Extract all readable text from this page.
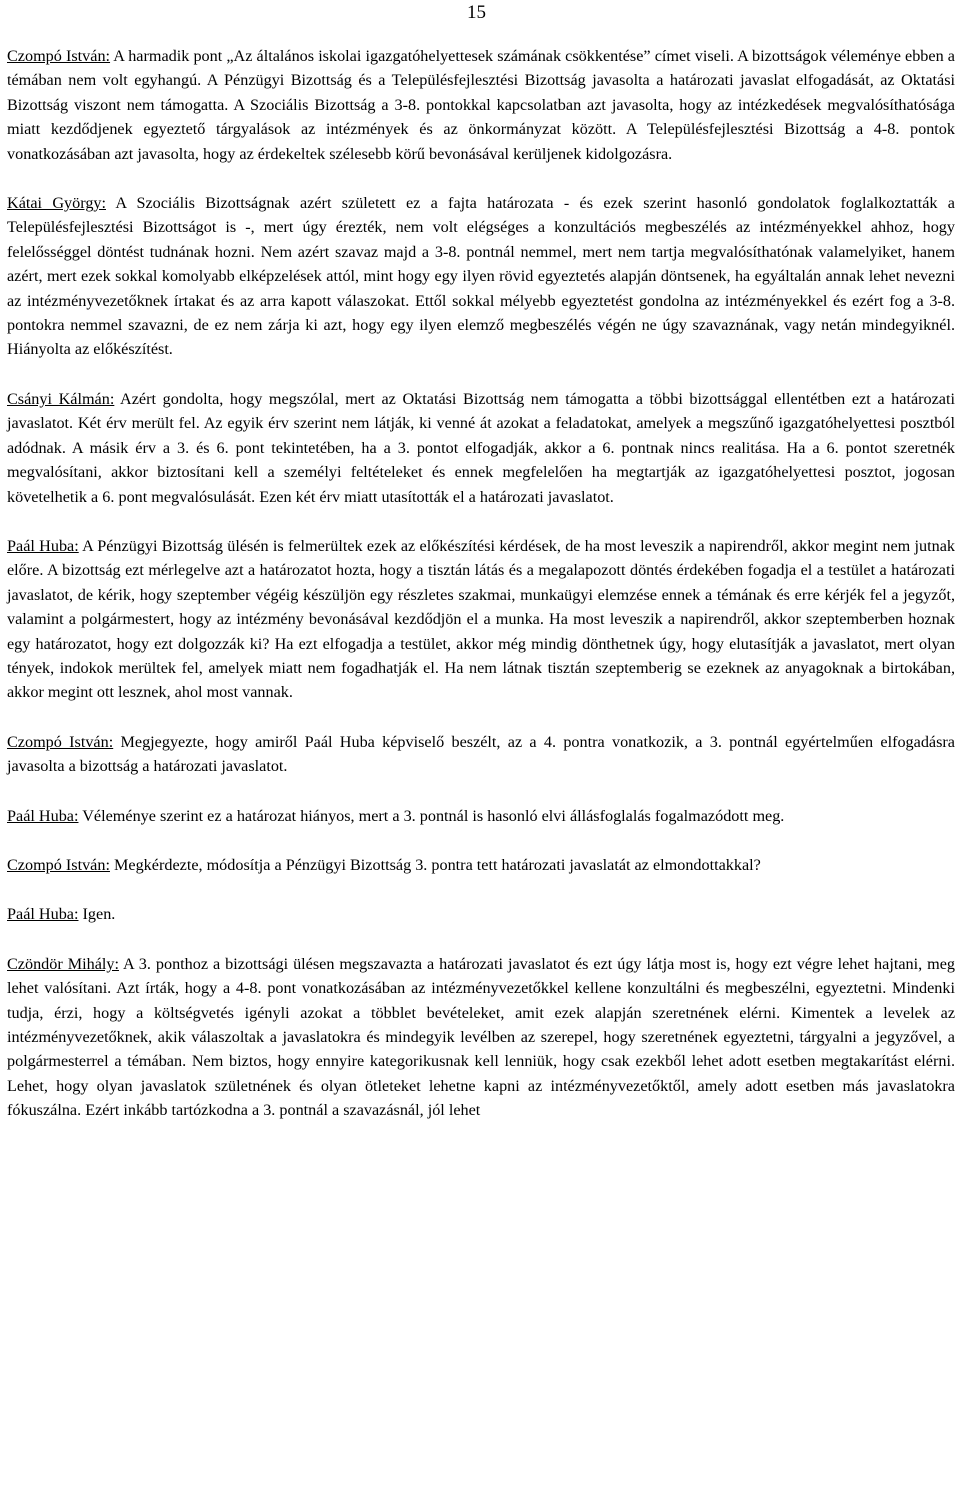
15

Czompó István: A harmadik pont „Az általános iskolai igazgatóhelyettesek számának csökkentése” címet viseli. A bizottságok véleménye ebben a témában nem volt egyhangú. A Pénzügyi Bizottság és a Településfejlesztési Bizottság javasolta a határozati javaslat elfogadását, az Oktatási Bizottság viszont nem támogatta. A Szociális Bizottság a 3-8. pontokkal kapcsolatban azt javasolta, hogy az intézkedések megvalósíthatósága miatt kezdődjenek egyeztető tárgyalások az intézmények és az önkormányzat között. A Településfejlesztési Bizottság a 4-8. pontok vonatkozásában azt javasolta, hogy az érdekeltek szélesebb körű bevonásával kerüljenek kidolgozásra.

Kátai György: A Szociális Bizottságnak azért született ez a fajta határozata - és ezek szerint hasonló gondolatok foglalkoztatták a Településfejlesztési Bizottságot is -, mert úgy érezték, nem volt elégséges a konzultációs megbeszélés az intézményekkel ahhoz, hogy felelősséggel döntést tudnának hozni. Nem azért szavaz majd a 3-8. pontnál nemmel, mert nem tartja megvalósíthatónak valamelyiket, hanem azért, mert ezek sokkal komolyabb elképzelések attól, mint hogy egy ilyen rövid egyeztetés alapján döntsenek, ha egyáltalán annak lehet nevezni az intézményvezetőknek írtakat és az arra kapott válaszokat. Ettől sokkal mélyebb egyeztetést gondolna az intézményekkel és ezért fog a 3-8. pontokra nemmel szavazni, de ez nem zárja ki azt, hogy egy ilyen elemző megbeszélés végén ne úgy szavaznának, vagy netán mindegyiknél. Hiányolta az előkészítést.

Csányi Kálmán: Azért gondolta, hogy megszólal, mert az Oktatási Bizottság nem támogatta a többi bizottsággal ellentétben ezt a határozati javaslatot. Két érv merült fel. Az egyik érv szerint nem látják, ki venné át azokat a feladatokat, amelyek a megszűnő igazgatóhelyettesi posztból adódnak. A másik érv a 3. és 6. pont tekintetében, ha a 3. pontot elfogadják, akkor a 6. pontnak nincs realitása. Ha a 6. pontot szeretnék megvalósítani, akkor biztosítani kell a személyi feltételeket és ennek megfelelően ha megtartják az igazgatóhelyettesi posztot, jogosan követelhetik a 6. pont megvalósulását. Ezen két érv miatt utasították el a határozati javaslatot.

Paál Huba: A Pénzügyi Bizottság ülésén is felmerültek ezek az előkészítési kérdések, de ha most leveszik a napirendről, akkor megint nem jutnak előre. A bizottság ezt mérlegelve azt a határozatot hozta, hogy a tisztán látás és a megalapozott döntés érdekében fogadja el a testület a határozati javaslatot, de kérik, hogy szeptember végéig készüljön egy részletes szakmai, munkaügyi elemzése ennek a témának és erre kérjék fel a jegyzőt, valamint a polgármestert, hogy az intézmény bevonásával kezdődjön el a munka. Ha most leveszik a napirendről, akkor szeptemberben hoznak egy határozatot, hogy ezt dolgozzák ki? Ha ezt elfogadja a testület, akkor még mindig dönthetnek úgy, hogy elutasítják a javaslatot, mert olyan tények, indokok merültek fel, amelyek miatt nem fogadhatják el. Ha nem látnak tisztán szeptemberig se ezeknek az anyagoknak a birtokában, akkor megint ott lesznek, ahol most vannak.

Czompó István: Megjegyezte, hogy amiről Paál Huba képviselő beszélt, az a 4. pontra vonatkozik, a 3. pontnál egyértelműen elfogadásra javasolta a bizottság a határozati javaslatot.

Paál Huba: Véleménye szerint ez a határozat hiányos, mert a 3. pontnál is hasonló elvi állásfoglalás fogalmazódott meg.

Czompó István: Megkérdezte, módosítja a Pénzügyi Bizottság 3. pontra tett határozati javaslatát az elmondottakkal?

Paál Huba: Igen.

Czöndör Mihály: A 3. ponthoz a bizottsági ülésen megszavazta a határozati javaslatot és ezt úgy látja most is, hogy ezt végre lehet hajtani, meg lehet valósítani. Azt írták, hogy a 4-8. pont vonatkozásában az intézményvezetőkkel kellene konzultálni és megbeszélni, egyeztetni. Mindenki tudja, érzi, hogy a költségvetés igényli azokat a többlet bevételeket, amit ezek alapján szeretnének elérni. Kimentek a levelek az intézményvezetőknek, akik válaszoltak a javaslatokra és mindegyik levélben az szerepel, hogy szeretnének egyeztetni, tárgyalni a jegyzővel, a polgármesterrel a témában. Nem biztos, hogy ennyire kategorikusnak kell lenniük, hogy csak ezekből lehet adott esetben megtakarítást elérni. Lehet, hogy olyan javaslatok születnének és olyan ötleteket lehetne kapni az intézményvezetőktől, amely adott esetben más javaslatokra fókuszálna. Ezért inkább tartózkodna a 3. pontnál a szavazásnál, jól lehet
